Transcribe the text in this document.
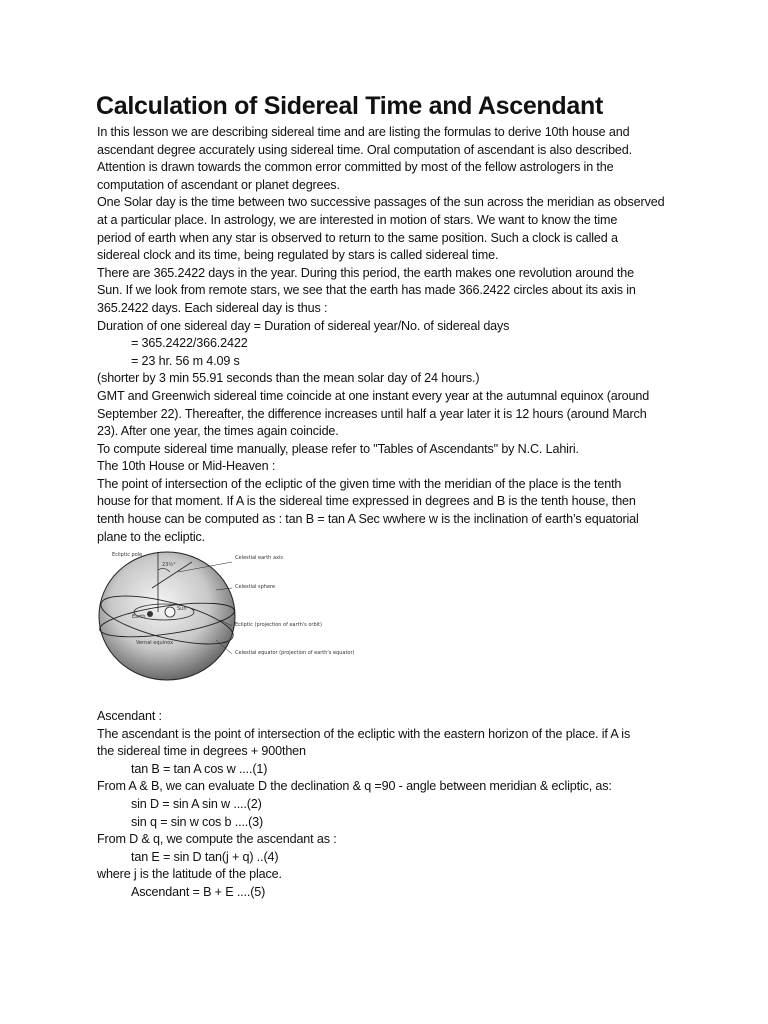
Calculation of Sidereal Time and Ascendant
In this lesson we are describing sidereal time and are listing the formulas to derive 10th house and
ascendant degree accurately using sidereal time. Oral computation of ascendant is also described.
Attention is drawn towards the common error committed by most of the fellow astrologers in the
computation of ascendant or planet degrees.
One Solar day is the time between two successive passages of the sun across the meridian as observed
at a particular place. In astrology, we are interested in motion of stars. We want to know the time
period of earth when any star is observed to return to the same position. Such a clock is called a
sidereal clock and its time, being regulated by stars is called sidereal time.
There are 365.2422 days in the year. During this period, the earth makes one revolution around the
Sun. If we look from remote stars, we see that the earth has made 366.2422 circles about its axis in
365.2422 days. Each sidereal day is thus :
Duration of one sidereal day = Duration of sidereal year/No. of sidereal days
= 365.2422/366.2422
= 23 hr. 56 m 4.09 s
(shorter by 3 min 55.91 seconds than the mean solar day of 24 hours.)
GMT and Greenwich sidereal time coincide at one instant every year at the autumnal equinox (around
September 22). Thereafter, the difference increases until half a year later it is 12 hours (around March
23). After one year, the times again coincide.
To compute sidereal time manually, please refer to "Tables of Ascendants" by N.C. Lahiri.
The 10th House or Mid-Heaven :
The point of intersection of the ecliptic of the given time with the meridian of the place is the tenth
house for that moment. If A is the sidereal time expressed in degrees and B is the tenth house, then
tenth house can be computed as : tan B = tan A Sec wwhere w is the inclination of earth’s equatorial
plane to the ecliptic.
Ecliptic pole	Celestial earth axis
23½°
Celestial sphere
Earth
Sun
Vernal equinox
Ecliptic (projection of earth's orbit)
Celestial equator (projection of earth's equator)
Ascendant :
The ascendant is the point of intersection of the ecliptic with the eastern horizon of the place. if A is
the sidereal time in degrees + 900then
tan B = tan A cos w ....(1)
From A & B, we can evaluate D the declination & q =90 - angle between meridian & ecliptic, as:
sin D = sin A sin w ....(2)
sin q = sin w cos b ....(3)
From D & q, we compute the ascendant as :
tan E = sin D tan(j + q) ..(4)
where j is the latitude of the place.
Ascendant = B + E ....(5)
